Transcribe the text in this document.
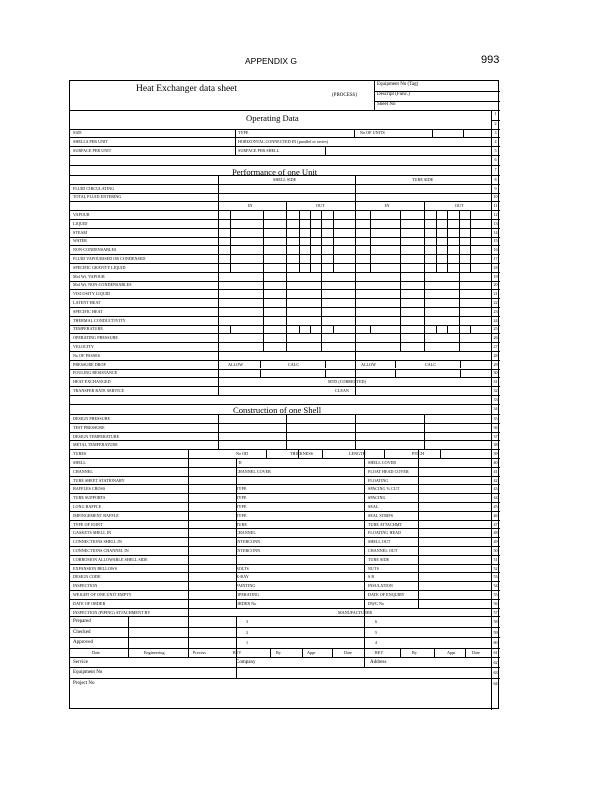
APPENDIX G	993
Heat Exchanger data sheet
(PROCESS)
Equipment No (Tag)
Descript (Func.)
Sheet No
1
2
3
4
5
6
7
8
9
10
11
12
13
14
15
16
17
18
19
20
21
22
23
24
25
26
27
28
29
30
31
32
33
34
35
36
37
38
39
40
41
42
43
44
45
46
47
48
49
50
51
52
53
54
55
56
57
58
59
60
61
62
63
64
Operating Data
Performance of one Unit
Construction of one Shell
SIZE	TYPE	No OF UNITS
SHELLS PER UNIT	HORIZONTAL CONNECTED IN (parallel or series)
SURFACE PER UNIT	SURFACE PER SHELL
SHELL SIDE	TUBE SIDE
FLUID CIRCULATING
TOTAL FLUID ENTERING
IN	OUT	IN	OUT
VAPOUR
LIQUID
STEAM
WATER
NON-CONDENSABLES
FLUID VAPOURISED OR CONDENSED
SPECIFIC GRAVITY LIQUID
Mol Wt. VAPOUR
Mol Wt. NON-CONDENSABLES
VISCOSITY LIQUID
LATENT HEAT
SPECIFIC HEAT
THERMAL CONDUCTIVITY
TEMPERATURE
OPERATING PRESSURE
VELOCITY
No OF PASSES
PRESSURE DROP	ALLOW	CALC	ALLOW	CALC
FOULING RESISTANCE
HEAT EXCHANGED	MTD (CORRECTED)
TRANSFER RATE SERVICE	CLEAN
DESIGN PRESSURE
TEST PRESSURE
DESIGN TEMPERATURE
METAL TEMPERATURE
TUBES	No OD	THICKNESS	LENGTH	PITCH
SHELL	I D	SHELL COVER
CHANNEL	CHANNEL COVER	FLOAT HEAD COVER
TUBE SHEET STATIONARY	FLOATING
BAFFLES CROSS	TYPE	SPACING % CUT
TUBE SUPPORTS	TYPE	SPACING
LONG BAFFLE	TYPE	SEAL
IMPINGEMENT BAFFLE	TYPE	SEAL STRIPS
TYPE OF JOINT	TUBE	TUBE ATTACHMT
GASKETS SHELL IN	CHANNEL	FLOATING HEAD
CONNECTIONS SHELL IN	INTERCONN	SHELL OUT
CONNECTIONS CHANNEL IN	INTERCONN	CHANNEL OUT
CORROSION ALLOWABLE SHELL SIDE	TUBE SIDE
EXPANSION BELLOWS	BOLTS	NUTS
DESIGN CODE	X-RAY	S R
INSPECTION	PAINTING	INSULATION
WEIGHT OF ONE UNIT EMPTY	OPERATING	DATE OF ENQUIRY
DATE OF ORDER	ORDER No	DWG No
INSPECTION (PIPING) ATTACHMENT BY	MANUFACTURER
Prepared	3	6
Checked	2	5
Approved	1	4
Date	Engineering	Process	REV	By	Appr	Date	REV	By	Appr	Date
Service	Company	Address
Equipment No
Project No
